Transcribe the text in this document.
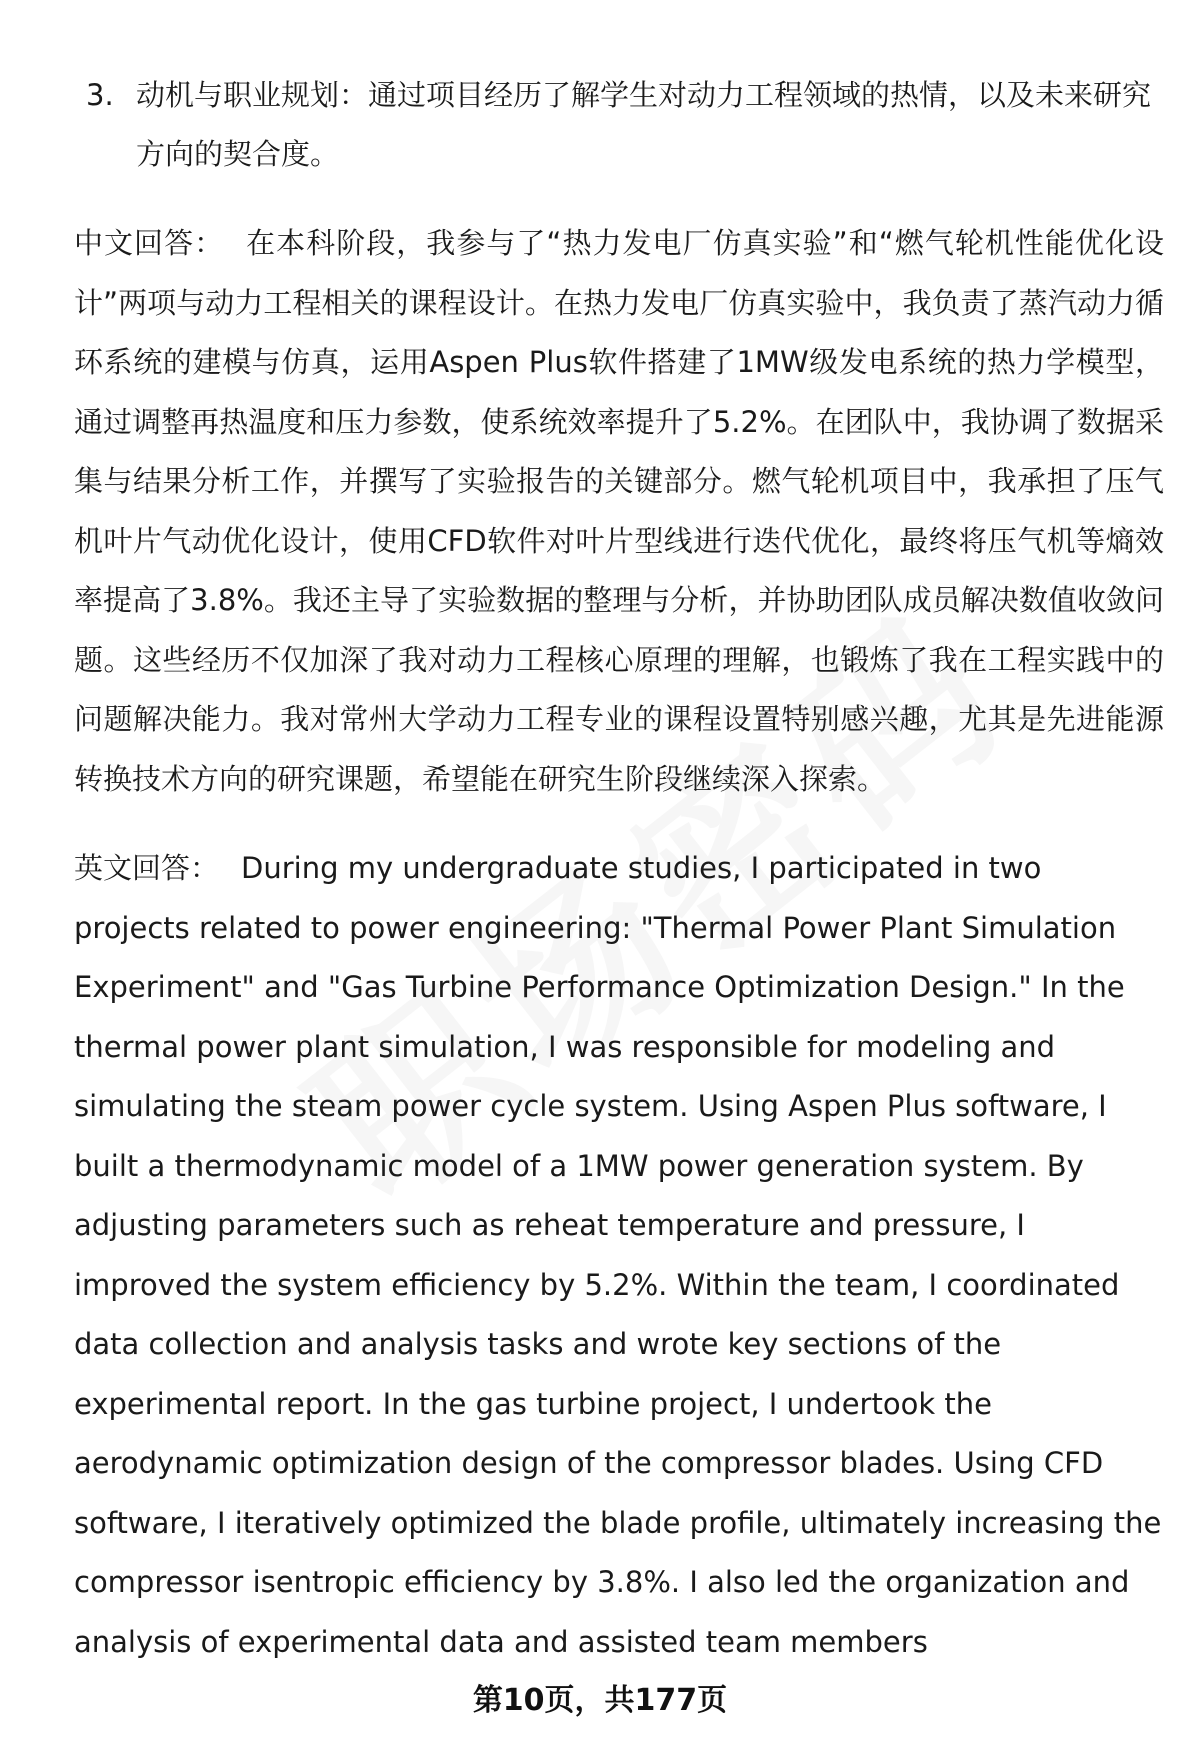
3. 动机与职业规划：通过项目经历了解学生对动力工程领域的热情，以及未来研究方向的契合度。
中文回答： 在本科阶段，我参与了“热力发电厂仿真实验”和“燃气轮机性能优化设计”两项与动力工程相关的课程设计。在热力发电厂仿真实验中，我负责了蒸汽动力循环系统的建模与仿真，运用Aspen Plus软件搭建了1MW级发电系统的热力学模型，通过调整再热温度和压力参数，使系统效率提升了5.2%。在团队中，我协调了数据采集与结果分析工作，并撰写了实验报告的关键部分。燃气轮机项目中，我承担了压气机叶片气动优化设计，使用CFD软件对叶片型线进行迭代优化，最终将压气机等熵效率提高了3.8%。我还主导了实验数据的整理与分析，并协助团队成员解决数值收敛问题。这些经历不仅加深了我对动力工程核心原理的理解，也锻炼了我在工程实践中的问题解决能力。我对常州大学动力工程专业的课程设置特别感兴趣，尤其是先进能源转换技术方向的研究课题，希望能在研究生阶段继续深入探索。
英文回答： During my undergraduate studies, I participated in two projects related to power engineering: "Thermal Power Plant Simulation Experiment" and "Gas Turbine Performance Optimization Design." In the thermal power plant simulation, I was responsible for modeling and simulating the steam power cycle system. Using Aspen Plus software, I built a thermodynamic model of a 1MW power generation system. By adjusting parameters such as reheat temperature and pressure, I improved the system efficiency by 5.2%. Within the team, I coordinated data collection and analysis tasks and wrote key sections of the experimental report. In the gas turbine project, I undertook the aerodynamic optimization design of the compressor blades. Using CFD software, I iteratively optimized the blade profile, ultimately increasing the compressor isentropic efficiency by 3.8%. I also led the organization and analysis of experimental data and assisted team members
第10页，共177页
